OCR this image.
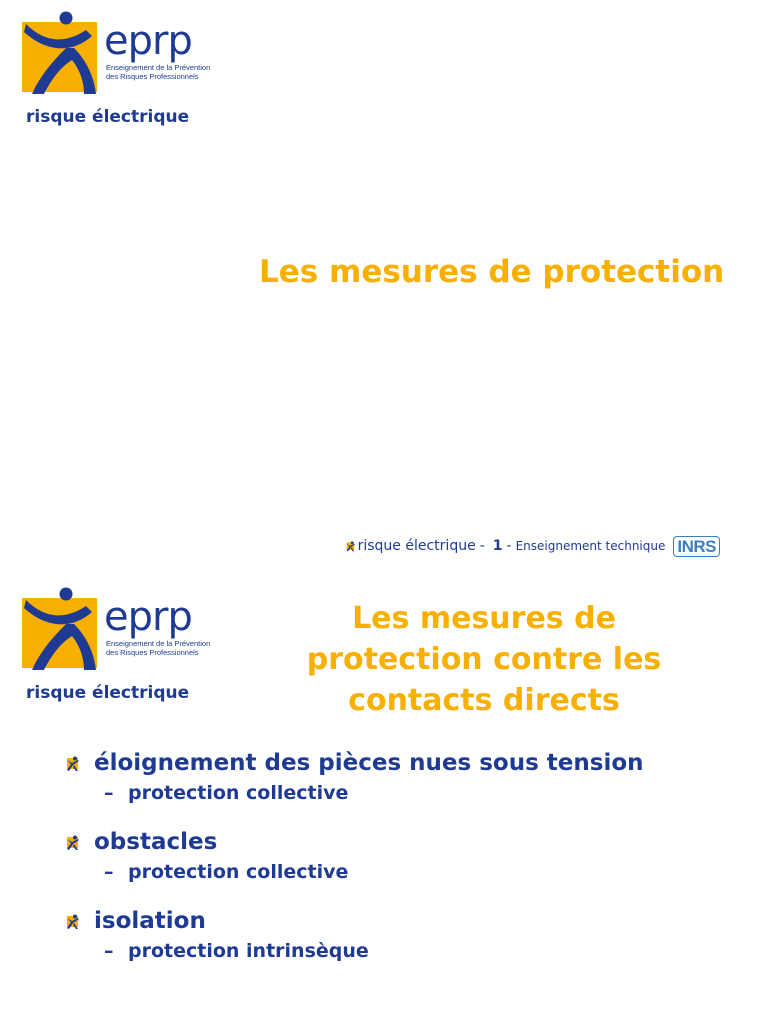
eprp
Enseignement de la Prévention
des Risques Professionnels
risque électrique
Les mesures de protection
risque électrique - 1 - Enseignement technique INRS
eprp
Enseignement de la Prévention
des Risques Professionnels
risque électrique
Les mesures de protection contre les contacts directs
éloignement des pièces nues sous tension
– protection collective
obstacles
– protection collective
isolation
– protection intrinsèque
